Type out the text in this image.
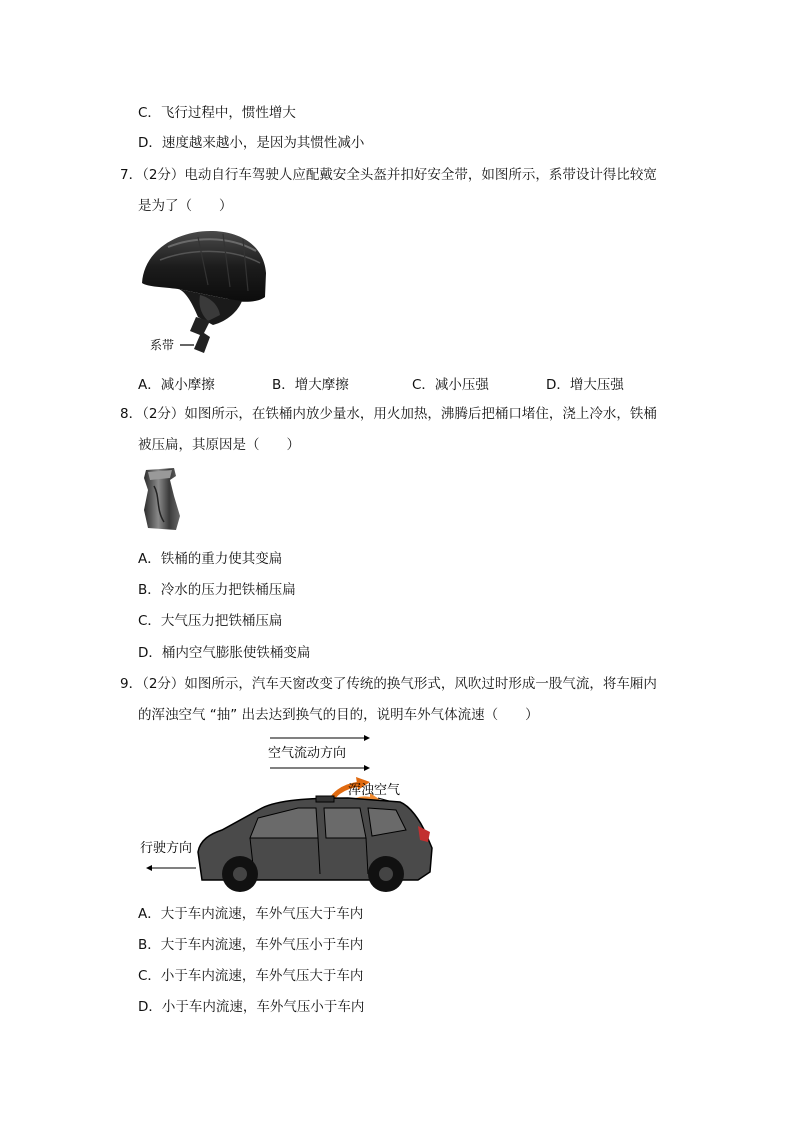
C．飞行过程中，惯性增大
D．速度越来越小，是因为其惯性减小
7．（2分）电动自行车驾驶人应配戴安全头盔并扣好安全带，如图所示，系带设计得比较宽
是为了（　　）
系带
A．减小摩擦	B．增大摩擦	C．减小压强	D．增大压强
8．（2分）如图所示，在铁桶内放少量水，用火加热，沸腾后把桶口堵住，浇上冷水，铁桶
被压扁，其原因是（　　）
A．铁桶的重力使其变扁
B．冷水的压力把铁桶压扁
C．大气压力把铁桶压扁
D．桶内空气膨胀使铁桶变扁
9．（2分）如图所示，汽车天窗改变了传统的换气形式，风吹过时形成一股气流，将车厢内
的浑浊空气 “抽” 出去达到换气的目的，说明车外气体流速（　　）
空气流动方向
浑浊空气
行驶方向
A．大于车内流速，车外气压大于车内
B．大于车内流速，车外气压小于车内
C．小于车内流速，车外气压大于车内
D．小于车内流速，车外气压小于车内
